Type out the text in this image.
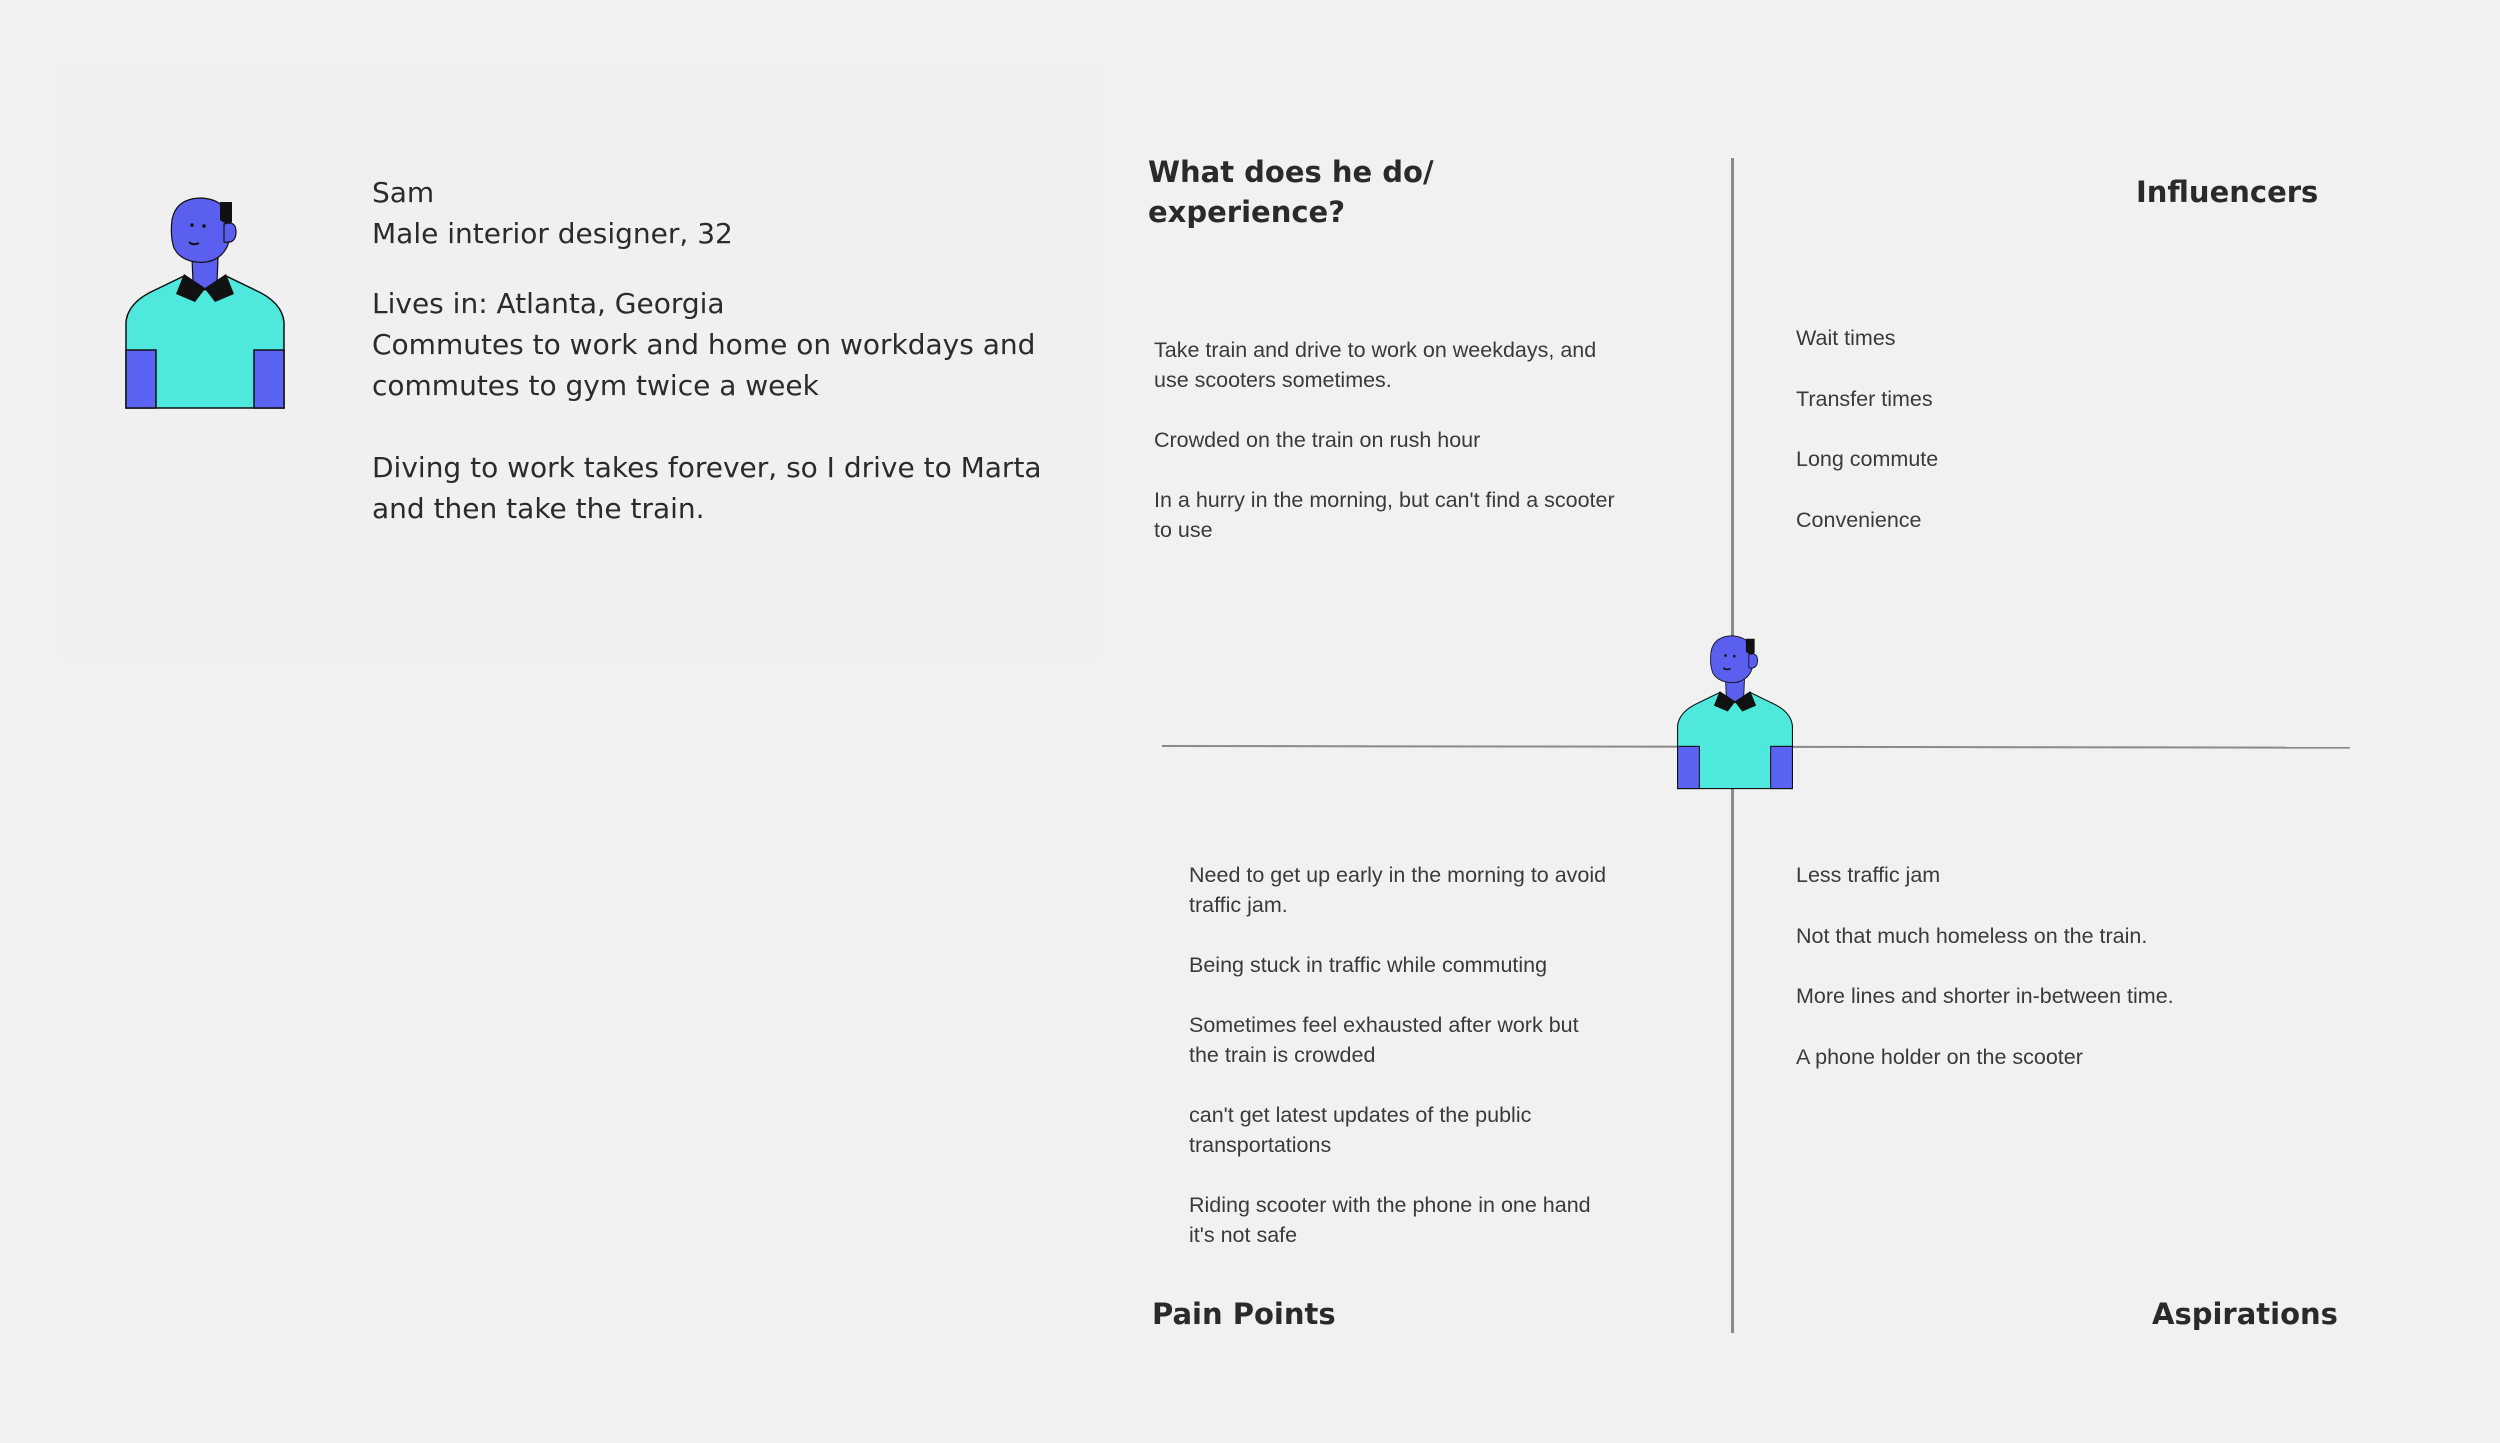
Sam
Male interior designer, 32
Lives in: Atlanta, Georgia
Commutes to work and home on workdays and commutes to gym twice a week
Diving to work takes forever, so I drive to Marta and then take the train.
What does he do/ experience?
Influencers
Pain Points	Aspirations
Take train and drive to work on weekdays, and use scooters sometimes.
Crowded on the train on rush hour
In a hurry in the morning, but can't find a scooter to use
Wait times
Transfer times
Long commute
Convenience
Need to get up early in the morning to avoid traffic jam.
Being stuck in traffic while commuting
Sometimes feel exhausted after work but the train is crowded
can't get latest updates of the public transportations
Riding scooter with the phone in one hand it's not safe
Less traffic jam
Not that much homeless on the train.
More lines and shorter in-between time.
A phone holder on the scooter
